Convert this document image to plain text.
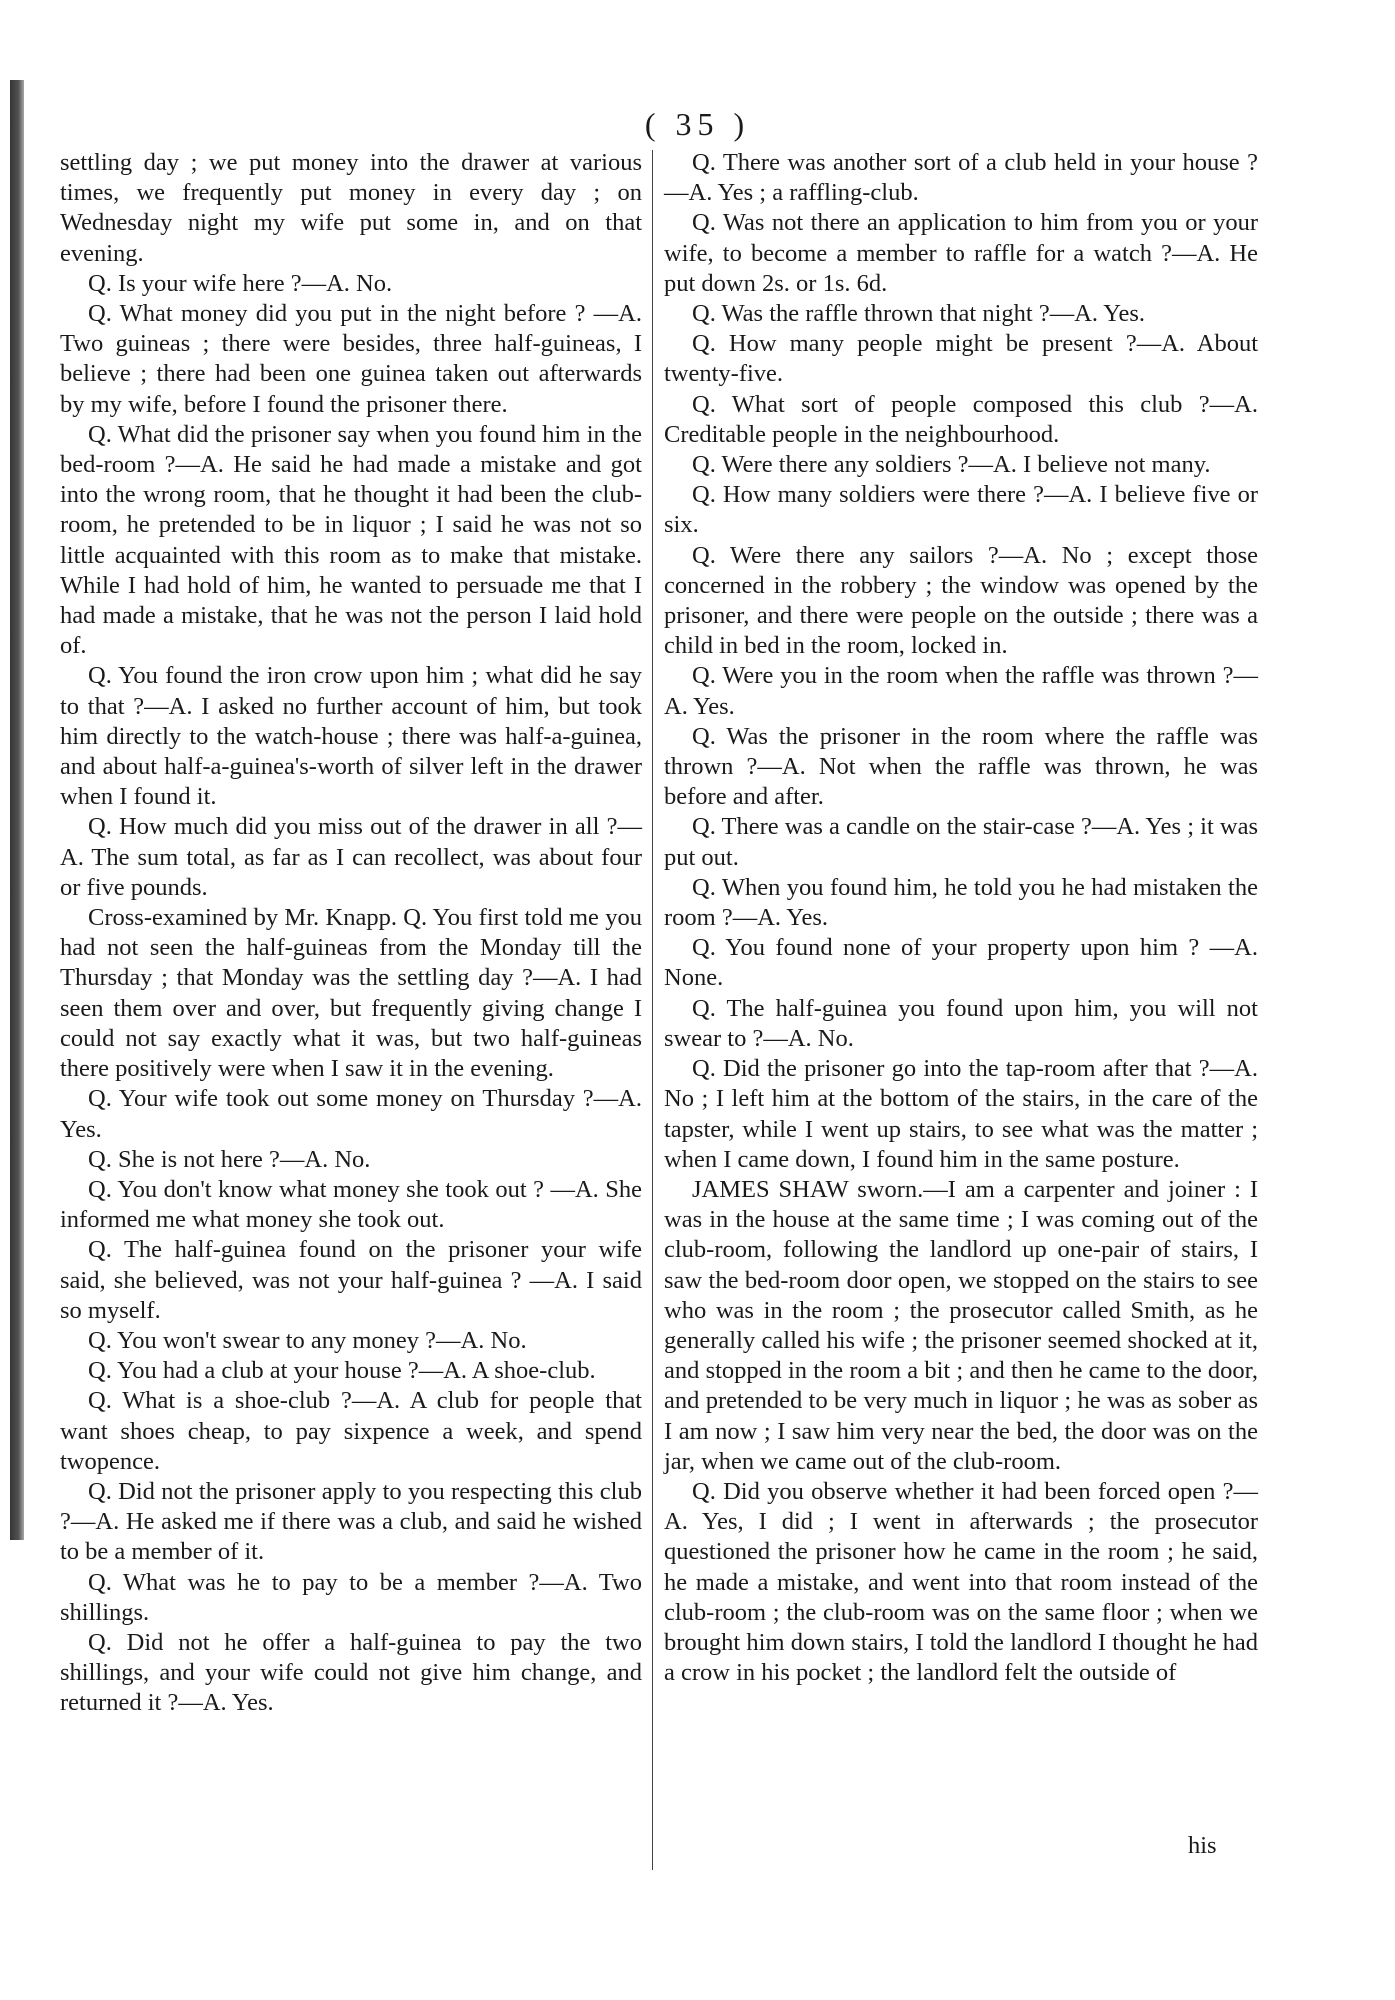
( 35 )

settling day ; we put money into the drawer at various times, we frequently put money in every day ; on Wednesday night my wife put some in, and on that evening.

Q. Is your wife here ?—A. No.

Q. What money did you put in the night before ? —A. Two guineas ; there were besides, three half-guineas, I believe ; there had been one guinea taken out afterwards by my wife, before I found the prisoner there.

Q. What did the prisoner say when you found him in the bed-room ?—A. He said he had made a mistake and got into the wrong room, that he thought it had been the club-room, he pretended to be in liquor ; I said he was not so little acquainted with this room as to make that mistake. While I had hold of him, he wanted to persuade me that I had made a mistake, that he was not the person I laid hold of.

Q. You found the iron crow upon him ; what did he say to that ?—A. I asked no further account of him, but took him directly to the watch-house ; there was half-a-guinea, and about half-a-guinea's-worth of silver left in the drawer when I found it.

Q. How much did you miss out of the drawer in all ?—A. The sum total, as far as I can recollect, was about four or five pounds.

Cross-examined by Mr. Knapp. Q. You first told me you had not seen the half-guineas from the Monday till the Thursday ; that Monday was the settling day ?—A. I had seen them over and over, but frequently giving change I could not say exactly what it was, but two half-guineas there positively were when I saw it in the evening.

Q. Your wife took out some money on Thursday ?—A. Yes.

Q. She is not here ?—A. No.

Q. You don't know what money she took out ? —A. She informed me what money she took out.

Q. The half-guinea found on the prisoner your wife said, she believed, was not your half-guinea ? —A. I said so myself.

Q. You won't swear to any money ?—A. No.

Q. You had a club at your house ?—A. A shoe-club.

Q. What is a shoe-club ?—A. A club for people that want shoes cheap, to pay sixpence a week, and spend twopence.

Q. Did not the prisoner apply to you respecting this club ?—A. He asked me if there was a club, and said he wished to be a member of it.

Q. What was he to pay to be a member ?—A. Two shillings.

Q. Did not he offer a half-guinea to pay the two shillings, and your wife could not give him change, and returned it ?—A. Yes.

Q. There was another sort of a club held in your house ?—A. Yes ; a raffling-club.

Q. Was not there an application to him from you or your wife, to become a member to raffle for a watch ?—A. He put down 2s. or 1s. 6d.

Q. Was the raffle thrown that night ?—A. Yes.

Q. How many people might be present ?—A. About twenty-five.

Q. What sort of people composed this club ?—A. Creditable people in the neighbourhood.

Q. Were there any soldiers ?—A. I believe not many.

Q. How many soldiers were there ?—A. I believe five or six.

Q. Were there any sailors ?—A. No ; except those concerned in the robbery ; the window was opened by the prisoner, and there were people on the outside ; there was a child in bed in the room, locked in.

Q. Were you in the room when the raffle was thrown ?—A. Yes.

Q. Was the prisoner in the room where the raffle was thrown ?—A. Not when the raffle was thrown, he was before and after.

Q. There was a candle on the stair-case ?—A. Yes ; it was put out.

Q. When you found him, he told you he had mistaken the room ?—A. Yes.

Q. You found none of your property upon him ? —A. None.

Q. The half-guinea you found upon him, you will not swear to ?—A. No.

Q. Did the prisoner go into the tap-room after that ?—A. No ; I left him at the bottom of the stairs, in the care of the tapster, while I went up stairs, to see what was the matter ; when I came down, I found him in the same posture.

JAMES SHAW sworn.—I am a carpenter and joiner : I was in the house at the same time ; I was coming out of the club-room, following the landlord up one-pair of stairs, I saw the bed-room door open, we stopped on the stairs to see who was in the room ; the prosecutor called Smith, as he generally called his wife ; the prisoner seemed shocked at it, and stopped in the room a bit ; and then he came to the door, and pretended to be very much in liquor ; he was as sober as I am now ; I saw him very near the bed, the door was on the jar, when we came out of the club-room.

Q. Did you observe whether it had been forced open ?—A. Yes, I did ; I went in afterwards ; the prosecutor questioned the prisoner how he came in the room ; he said, he made a mistake, and went into that room instead of the club-room ; the club-room was on the same floor ; when we brought him down stairs, I told the landlord I thought he had a crow in his pocket ; the landlord felt the outside of

his
